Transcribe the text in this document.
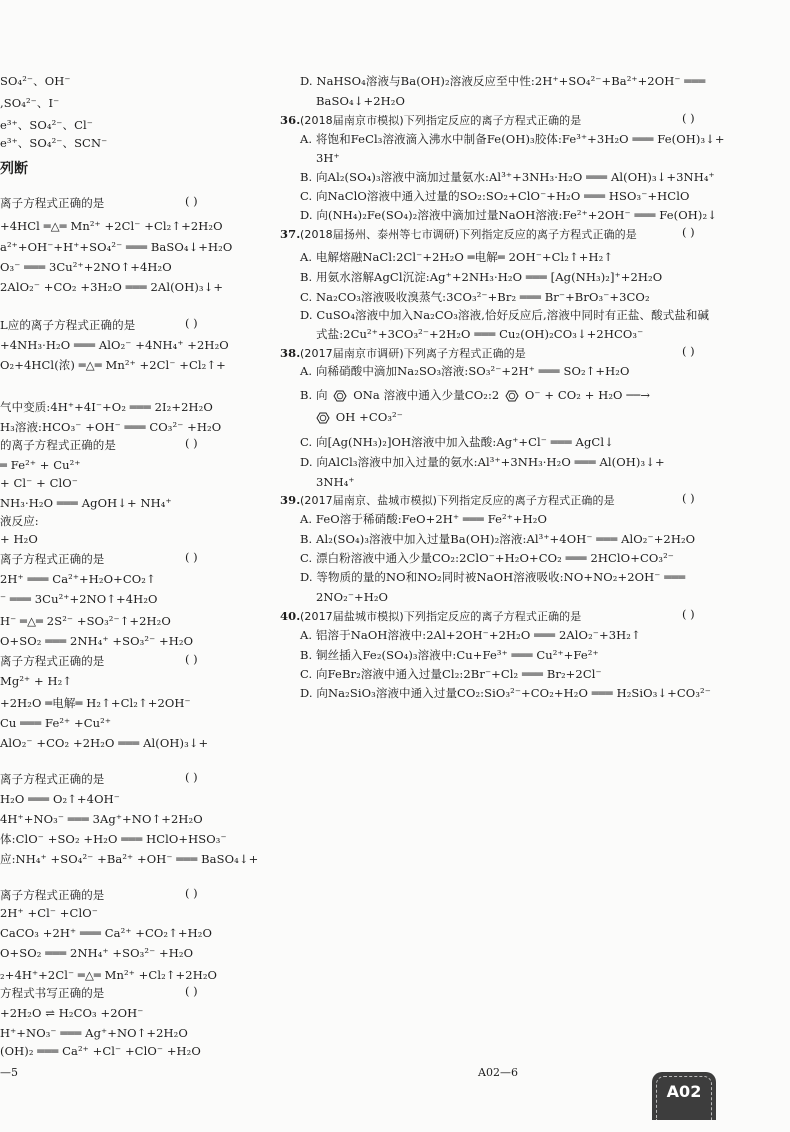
SO₄²⁻、OH⁻
,SO₄²⁻、I⁻
e³⁺、SO₄²⁻、Cl⁻
e³⁺、SO₄²⁻、SCN⁻
列断
离子方程式正确的是	( )
+4HCl ═△═ Mn²⁺ +2Cl⁻ +Cl₂↑+2H₂O
a²⁺+OH⁻+H⁺+SO₄²⁻ ═══ BaSO₄↓+H₂O
O₃⁻ ═══ 3Cu²⁺+2NO↑+4H₂O
2AlO₂⁻ +CO₂ +3H₂O ═══ 2Al(OH)₃↓+
L应的离子方程式正确的是	( )
+4NH₃·H₂O ═══ AlO₂⁻ +4NH₄⁺ +2H₂O
O₂+4HCl(浓) ═△═ Mn²⁺ +2Cl⁻ +Cl₂↑+
气中变质:4H⁺+4I⁻+O₂ ═══ 2I₂+2H₂O
H₃溶液:HCO₃⁻ +OH⁻ ═══ CO₃²⁻ +H₂O
的离子方程式正确的是	( )
═ Fe²⁺ + Cu²⁺
+ Cl⁻ + ClO⁻
NH₃·H₂O ═══ AgOH↓+ NH₄⁺
液反应:
+ H₂O
离子方程式正确的是	( )
2H⁺ ═══ Ca²⁺+H₂O+CO₂↑
⁻ ═══ 3Cu²⁺+2NO↑+4H₂O
H⁻ ═△═ 2S²⁻ +SO₃²⁻↑+2H₂O
O+SO₂ ═══ 2NH₄⁺ +SO₃²⁻ +H₂O
离子方程式正确的是	( )
Mg²⁺ + H₂↑
+2H₂O ═电解═ H₂↑+Cl₂↑+2OH⁻
Cu ═══ Fe²⁺ +Cu²⁺
AlO₂⁻ +CO₂ +2H₂O ═══ Al(OH)₃↓+
离子方程式正确的是	( )
H₂O ═══ O₂↑+4OH⁻
4H⁺+NO₃⁻ ═══ 3Ag⁺+NO↑+2H₂O
体:ClO⁻ +SO₂ +H₂O ═══ HClO+HSO₃⁻
应:NH₄⁺ +SO₄²⁻ +Ba²⁺ +OH⁻ ═══ BaSO₄↓+
离子方程式正确的是	( )
2H⁺ +Cl⁻ +ClO⁻
CaCO₃ +2H⁺ ═══ Ca²⁺ +CO₂↑+H₂O
O+SO₂ ═══ 2NH₄⁺ +SO₃²⁻ +H₂O
₂+4H⁺+2Cl⁻ ═△═ Mn²⁺ +Cl₂↑+2H₂O
方程式书写正确的是	( )
+2H₂O ⇌ H₂CO₃ +2OH⁻
H⁺+NO₃⁻ ═══ Ag⁺+NO↑+2H₂O
(OH)₂ ═══ Ca²⁺ +Cl⁻ +ClO⁻ +H₂O
D. NaHSO₄溶液与Ba(OH)₂溶液反应至中性:2H⁺+SO₄²⁻+Ba²⁺+2OH⁻ ═══
BaSO₄↓+2H₂O
36. (2018届南京市模拟)下列指定反应的离子方程式正确的是	( )
A. 将饱和FeCl₃溶液滴入沸水中制备Fe(OH)₃胶体:Fe³⁺+3H₂O ═══ Fe(OH)₃↓+
3H⁺
B. 向Al₂(SO₄)₃溶液中滴加过量氨水:Al³⁺+3NH₃·H₂O ═══ Al(OH)₃↓+3NH₄⁺
C. 向NaClO溶液中通入过量的SO₂:SO₂+ClO⁻+H₂O ═══ HSO₃⁻+HClO
D. 向(NH₄)₂Fe(SO₄)₂溶液中滴加过量NaOH溶液:Fe²⁺+2OH⁻ ═══ Fe(OH)₂↓
37. (2018届扬州、泰州等七市调研)下列指定反应的离子方程式正确的是	( )
A. 电解熔融NaCl:2Cl⁻+2H₂O ═电解═ 2OH⁻+Cl₂↑+H₂↑
B. 用氨水溶解AgCl沉淀:Ag⁺+2NH₃·H₂O ═══ [Ag(NH₃)₂]⁺+2H₂O
C. Na₂CO₃溶液吸收溴蒸气:3CO₃²⁻+Br₂ ═══ Br⁻+BrO₃⁻+3CO₂
D. CuSO₄溶液中加入Na₂CO₃溶液,恰好反应后,溶液中同时有正盐、酸式盐和碱
式盐:2Cu²⁺+3CO₃²⁻+2H₂O ═══ Cu₂(OH)₂CO₃↓+2HCO₃⁻
38. (2017届南京市调研)下列离子方程式正确的是	( )
A. 向稀硝酸中滴加Na₂SO₃溶液:SO₃²⁻+2H⁺ ═══ SO₂↑+H₂O
B. 向 ONa 溶液中通入少量CO₂:2 O⁻ + CO₂ + H₂O ──→
OH +CO₃²⁻
C. 向[Ag(NH₃)₂]OH溶液中加入盐酸:Ag⁺+Cl⁻ ═══ AgCl↓
D. 向AlCl₃溶液中加入过量的氨水:Al³⁺+3NH₃·H₂O ═══ Al(OH)₃↓+
3NH₄⁺
39. (2017届南京、盐城市模拟)下列指定反应的离子方程式正确的是	( )
A. FeO溶于稀硝酸:FeO+2H⁺ ═══ Fe²⁺+H₂O
B. Al₂(SO₄)₃溶液中加入过量Ba(OH)₂溶液:Al³⁺+4OH⁻ ═══ AlO₂⁻+2H₂O
C. 漂白粉溶液中通入少量CO₂:2ClO⁻+H₂O+CO₂ ═══ 2HClO+CO₃²⁻
D. 等物质的量的NO和NO₂同时被NaOH溶液吸收:NO+NO₂+2OH⁻ ═══
2NO₂⁻+H₂O
40. (2017届盐城市模拟)下列指定反应的离子方程式正确的是	( )
A. 铝溶于NaOH溶液中:2Al+2OH⁻+2H₂O ═══ 2AlO₂⁻+3H₂↑
B. 铜丝插入Fe₂(SO₄)₃溶液中:Cu+Fe³⁺ ═══ Cu²⁺+Fe²⁺
C. 向FeBr₂溶液中通入过量Cl₂:2Br⁻+Cl₂ ═══ Br₂+2Cl⁻
D. 向Na₂SiO₃溶液中通入过量CO₂:SiO₃²⁻+CO₂+H₂O ═══ H₂SiO₃↓+CO₃²⁻
—5	A02—6
A02
